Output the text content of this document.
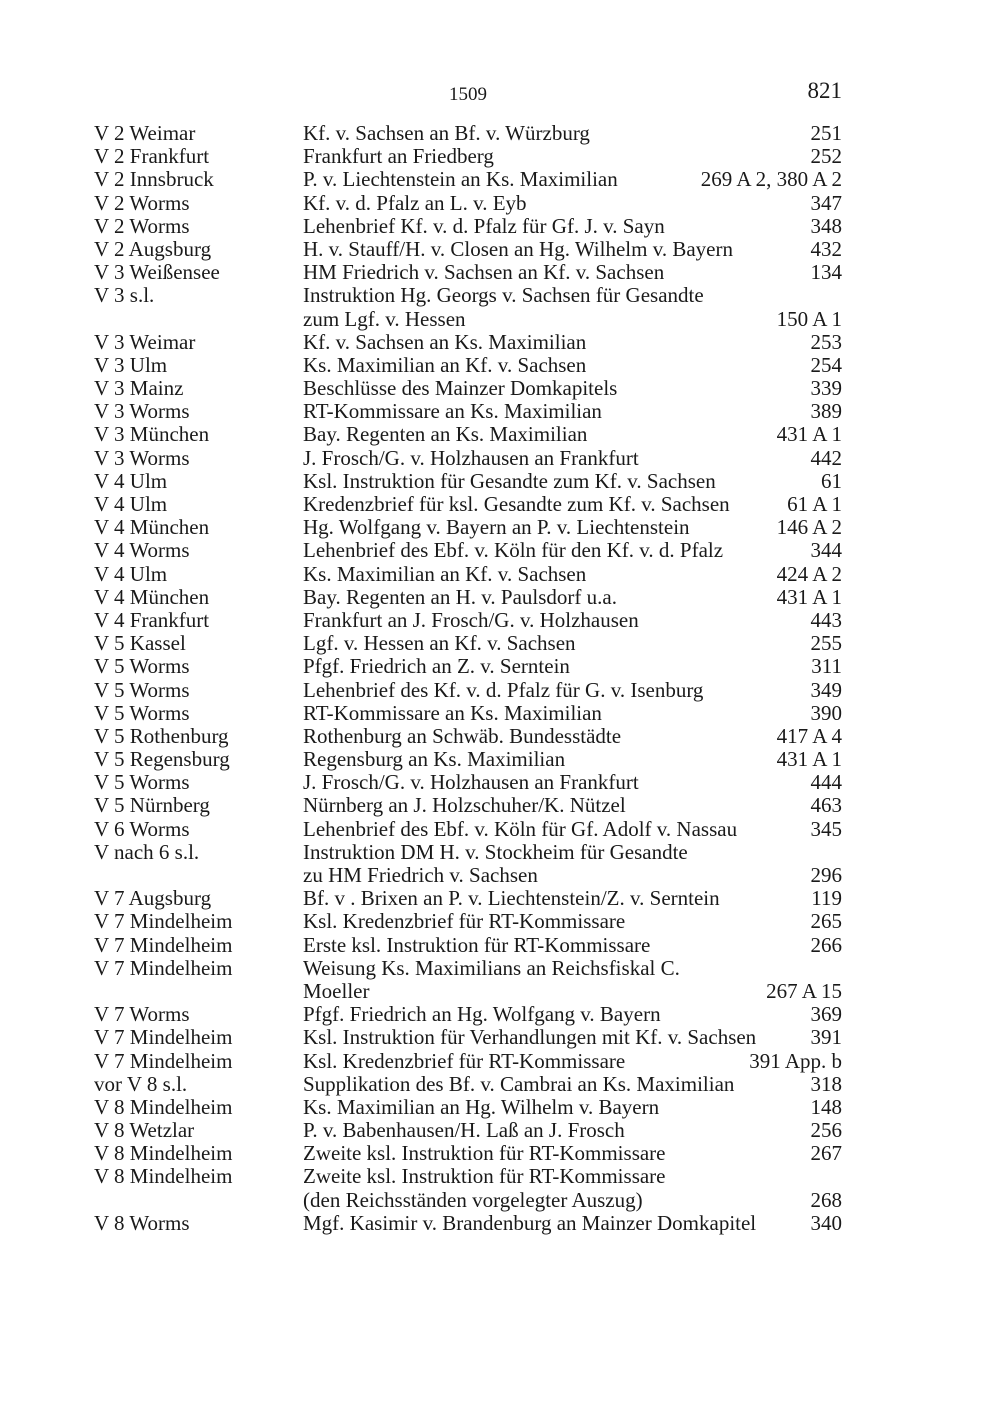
1509	821
V 2 Weimar	Kf. v. Sachsen an Bf. v. Würzburg	251
V 2 Frankfurt	Frankfurt an Friedberg	252
V 2 Innsbruck	P. v. Liechtenstein an Ks. Maximilian	269 A 2, 380 A 2
V 2 Worms	Kf. v. d. Pfalz an L. v. Eyb	347
V 2 Worms	Lehenbrief Kf. v. d. Pfalz für Gf. J. v. Sayn	348
V 2 Augsburg	H. v. Stauff/H. v. Closen an Hg. Wilhelm v. Bayern	432
V 3 Weißensee	HM Friedrich v. Sachsen an Kf. v. Sachsen	134
V 3 s.l.	Instruktion Hg. Georgs v. Sachsen für Gesandte
zum Lgf. v. Hessen	150 A 1
V 3 Weimar	Kf. v. Sachsen an Ks. Maximilian	253
V 3 Ulm	Ks. Maximilian an Kf. v. Sachsen	254
V 3 Mainz	Beschlüsse des Mainzer Domkapitels	339
V 3 Worms	RT-Kommissare an Ks. Maximilian	389
V 3 München	Bay. Regenten an Ks. Maximilian	431 A 1
V 3 Worms	J. Frosch/G. v. Holzhausen an Frankfurt	442
V 4 Ulm	Ksl. Instruktion für Gesandte zum Kf. v. Sachsen	61
V 4 Ulm	Kredenzbrief für ksl. Gesandte zum Kf. v. Sachsen	61 A 1
V 4 München	Hg. Wolfgang v. Bayern an P. v. Liechtenstein	146 A 2
V 4 Worms	Lehenbrief des Ebf. v. Köln für den Kf. v. d. Pfalz	344
V 4 Ulm	Ks. Maximilian an Kf. v. Sachsen	424 A 2
V 4 München	Bay. Regenten an H. v. Paulsdorf u.a.	431 A 1
V 4 Frankfurt	Frankfurt an J. Frosch/G. v. Holzhausen	443
V 5 Kassel	Lgf. v. Hessen an Kf. v. Sachsen	255
V 5 Worms	Pfgf. Friedrich an Z. v. Serntein	311
V 5 Worms	Lehenbrief des Kf. v. d. Pfalz für G. v. Isenburg	349
V 5 Worms	RT-Kommissare an Ks. Maximilian	390
V 5 Rothenburg	Rothenburg an Schwäb. Bundesstädte	417 A 4
V 5 Regensburg	Regensburg an Ks. Maximilian	431 A 1
V 5 Worms	J. Frosch/G. v. Holzhausen an Frankfurt	444
V 5 Nürnberg	Nürnberg an J. Holzschuher/K. Nützel	463
V 6 Worms	Lehenbrief des Ebf. v. Köln für Gf. Adolf v. Nassau	345
V nach 6 s.l.	Instruktion DM H. v. Stockheim für Gesandte
zu HM Friedrich v. Sachsen	296
V 7 Augsburg	Bf. v . Brixen an P. v. Liechtenstein/Z. v. Serntein	119
V 7 Mindelheim	Ksl. Kredenzbrief für RT-Kommissare	265
V 7 Mindelheim	Erste ksl. Instruktion für RT-Kommissare	266
V 7 Mindelheim	Weisung Ks. Maximilians an Reichsfiskal C.
Moeller	267 A 15
V 7 Worms	Pfgf. Friedrich an Hg. Wolfgang v. Bayern	369
V 7 Mindelheim	Ksl. Instruktion für Verhandlungen mit Kf. v. Sachsen	391
V 7 Mindelheim	Ksl. Kredenzbrief für RT-Kommissare	391 App. b
vor V 8 s.l.	Supplikation des Bf. v. Cambrai an Ks. Maximilian	318
V 8 Mindelheim	Ks. Maximilian an Hg. Wilhelm v. Bayern	148
V 8 Wetzlar	P. v. Babenhausen/H. Laß an J. Frosch	256
V 8 Mindelheim	Zweite ksl. Instruktion für RT-Kommissare	267
V 8 Mindelheim	Zweite ksl. Instruktion für RT-Kommissare
(den Reichsständen vorgelegter Auszug)	268
V 8 Worms	Mgf. Kasimir v. Brandenburg an Mainzer Domkapitel	340
